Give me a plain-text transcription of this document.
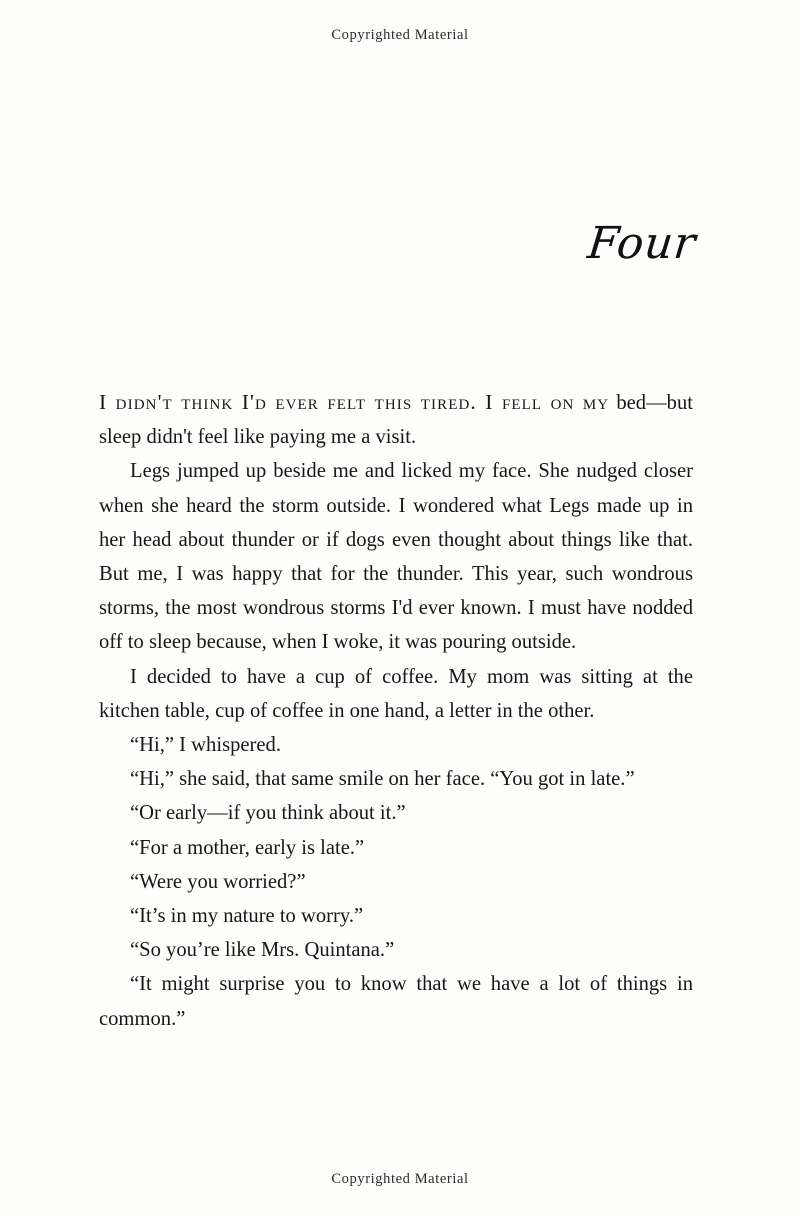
Copyrighted Material
Four

I didn't think I'd ever felt this tired. I fell on my bed—but sleep didn't feel like paying me a visit.

Legs jumped up beside me and licked my face. She nudged closer when she heard the storm outside. I wondered what Legs made up in her head about thunder or if dogs even thought about things like that. But me, I was happy that for the thunder. This year, such wondrous storms, the most wondrous storms I'd ever known. I must have nodded off to sleep because, when I woke, it was pouring outside.

I decided to have a cup of coffee. My mom was sitting at the kitchen table, cup of coffee in one hand, a letter in the other.

“Hi,” I whispered.

“Hi,” she said, that same smile on her face. “You got in late.”

“Or early—if you think about it.”

“For a mother, early is late.”

“Were you worried?”

“It’s in my nature to worry.”

“So you’re like Mrs. Quintana.”

“It might surprise you to know that we have a lot of things in common.”

Copyrighted Material
